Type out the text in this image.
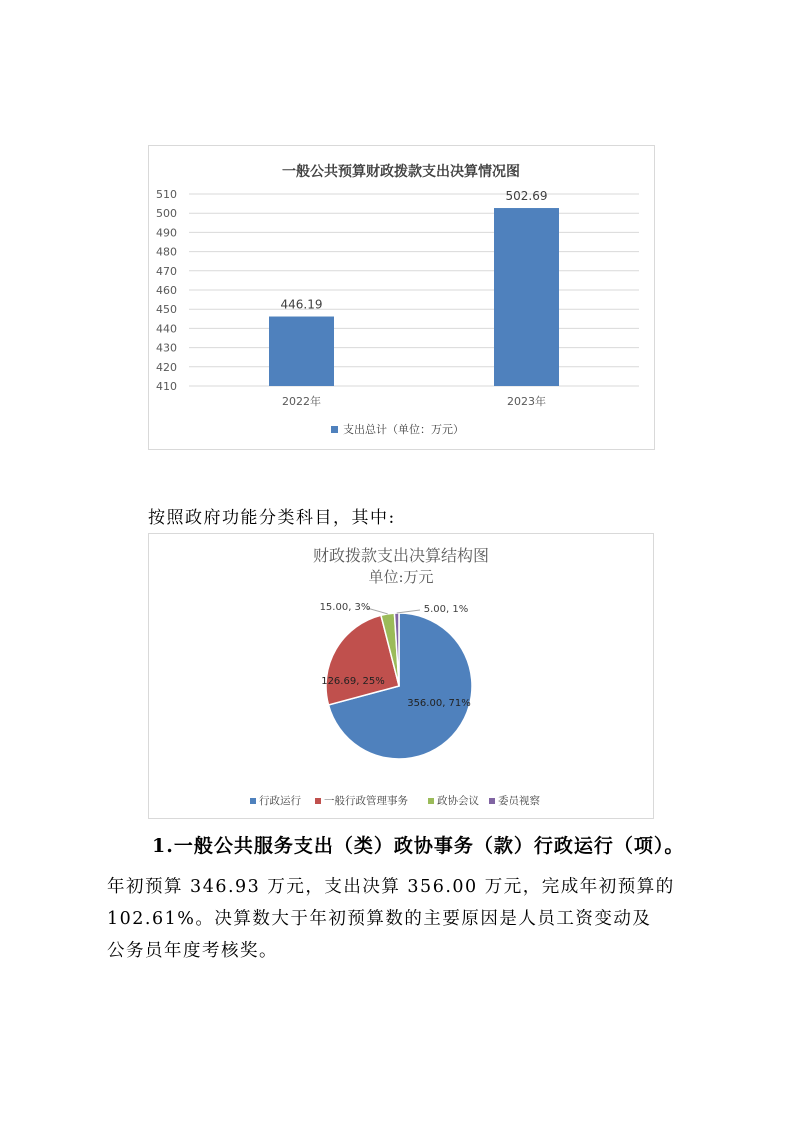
一般公共预算财政拨款支出决算情况图
410
420
430
440
450
460
470
480
490
500
510
446.19
502.69
2022年	2023年
支出总计（单位：万元）
按照政府功能分类科目，其中:
财政拨款支出决算结构图
单位:万元
356.00, 71%
126.69, 25%
15.00, 3%	5.00, 1%
行政运行 一般行政管理事务	政协会议 委员视察
1.一般公共服务支出（类）政协事务（款）行政运行（项）。
年初预算 346.93 万元，支出决算 356.00 万元，完成年初预算的
102.61%。决算数大于年初预算数的主要原因是人员工资变动及
公务员年度考核奖。
